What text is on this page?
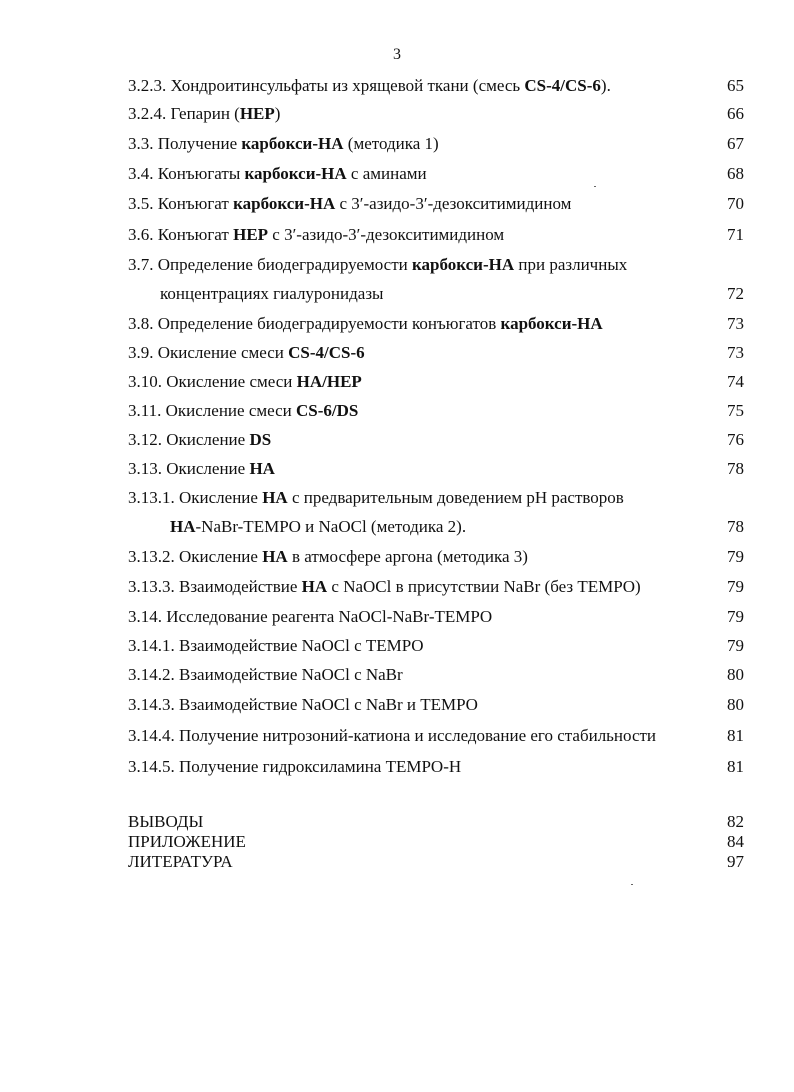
3
3.2.3. Хондроитинсульфаты из хрящевой ткани (смесь CS-4/CS-6).	65
3.2.4. Гепарин (HEP)	66
3.3. Получение карбокси-HA (методика 1)	67
3.4. Конъюгаты карбокси-HA с аминами	68
3.5. Конъюгат карбокси-HA с 3′-азидо-3′-дезокситимидином	70
3.6. Конъюгат HEP с 3′-азидо-3′-дезокситимидином	71
3.7. Определение биодеградируемости карбокси-HA при различных
концентрациях гиалуронидазы	72
3.8. Определение биодеградируемости конъюгатов карбокси-HA	73
3.9. Окисление смеси CS-4/CS-6	73
3.10. Окисление смеси HA/HEP	74
3.11. Окисление смеси CS-6/DS	75
3.12. Окисление DS	76
3.13. Окисление HA	78
3.13.1. Окисление HA с предварительным доведением pH растворов
HA-NaBr-TEMPO и NaOCl (методика 2).	78
3.13.2. Окисление HA в атмосфере аргона (методика 3)	79
3.13.3. Взаимодействие HA с NaOCl в присутствии NaBr (без TEMPO)	79
3.14. Исследование реагента NaOCl-NaBr-TEMPO	79
3.14.1. Взаимодействие NaOCl с TEMPO	79
3.14.2. Взаимодействие NaOCl с NaBr	80
3.14.3. Взаимодействие NaOCl с NaBr и TEMPO	80
3.14.4. Получение нитрозоний-катиона и исследование его стабильности	81
3.14.5. Получение гидроксиламина TEMPO-H	81
ВЫВОДЫ	82
ПРИЛОЖЕНИЕ	84
ЛИТЕРАТУРА	97
